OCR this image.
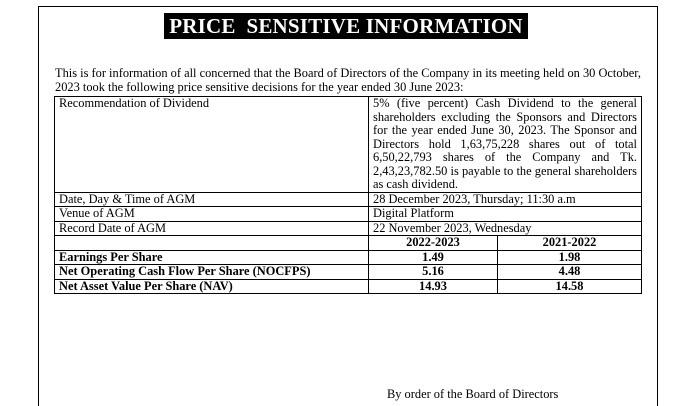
PRICE  SENSITIVE INFORMATION
This is for information of all concerned that the Board of Directors of the Company in its meeting held on 30 October, 2023 took the following price sensitive decisions for the year ended 30 June 2023:
Recommendation of Dividend	5% (five percent) Cash Dividend to the general shareholders excluding the Sponsors and Directors for the year ended June 30, 2023. The Sponsor and Directors hold 1,63,75,228 shares out of total 6,50,22,793 shares of the Company and Tk. 2,43,23,782.50 is payable to the general shareholders as cash dividend.	

Date, Day & Time of AGM	28 December 2023, Thursday; 11:30 a.m	
Venue of AGM	Digital Platform	
Record Date of AGM	22 November 2023, Wednesday	
	2022-2023	2021-2022
Earnings Per Share	1.49	1.98
Net Operating Cash Flow Per Share (NOCFPS)	5.16	4.48
Net Asset Value Per Share (NAV)	14.93	14.58
By order of the Board of Directors
